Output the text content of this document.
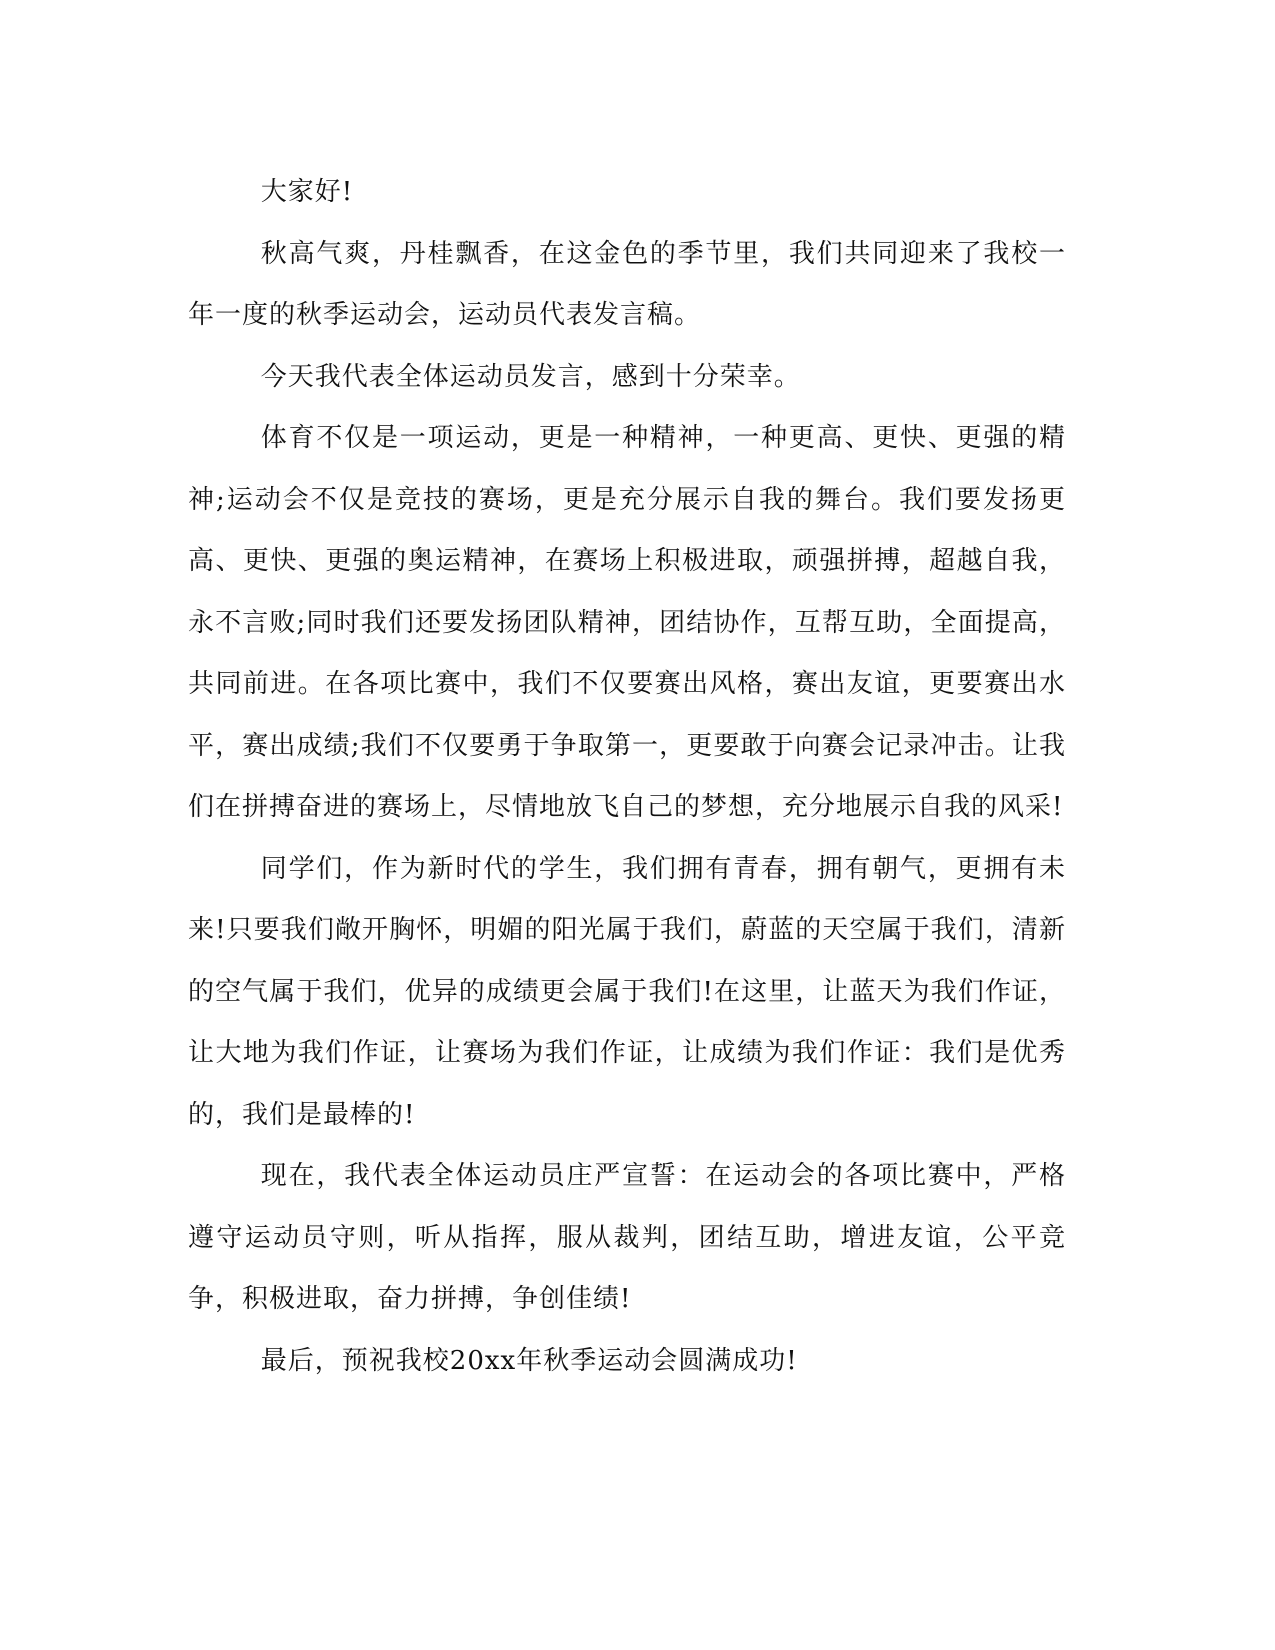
大家好!

秋高气爽，丹桂飘香，在这金色的季节里，我们共同迎来了我校一年一度的秋季运动会，运动员代表发言稿。

今天我代表全体运动员发言，感到十分荣幸。

体育不仅是一项运动，更是一种精神，一种更高、更快、更强的精神;运动会不仅是竞技的赛场，更是充分展示自我的舞台。我们要发扬更高、更快、更强的奥运精神，在赛场上积极进取，顽强拼搏，超越自我，永不言败;同时我们还要发扬团队精神，团结协作，互帮互助，全面提高，共同前进。在各项比赛中，我们不仅要赛出风格，赛出友谊，更要赛出水平，赛出成绩;我们不仅要勇于争取第一，更要敢于向赛会记录冲击。让我们在拼搏奋进的赛场上，尽情地放飞自己的梦想，充分地展示自我的风采!

同学们，作为新时代的学生，我们拥有青春，拥有朝气，更拥有未来!只要我们敞开胸怀，明媚的阳光属于我们，蔚蓝的天空属于我们，清新的空气属于我们，优异的成绩更会属于我们!在这里，让蓝天为我们作证，让大地为我们作证，让赛场为我们作证，让成绩为我们作证：我们是优秀的，我们是最棒的!

现在，我代表全体运动员庄严宣誓：在运动会的各项比赛中，严格遵守运动员守则，听从指挥，服从裁判，团结互助，增进友谊，公平竞争，积极进取，奋力拼搏，争创佳绩!

最后，预祝我校20xx年秋季运动会圆满成功!
